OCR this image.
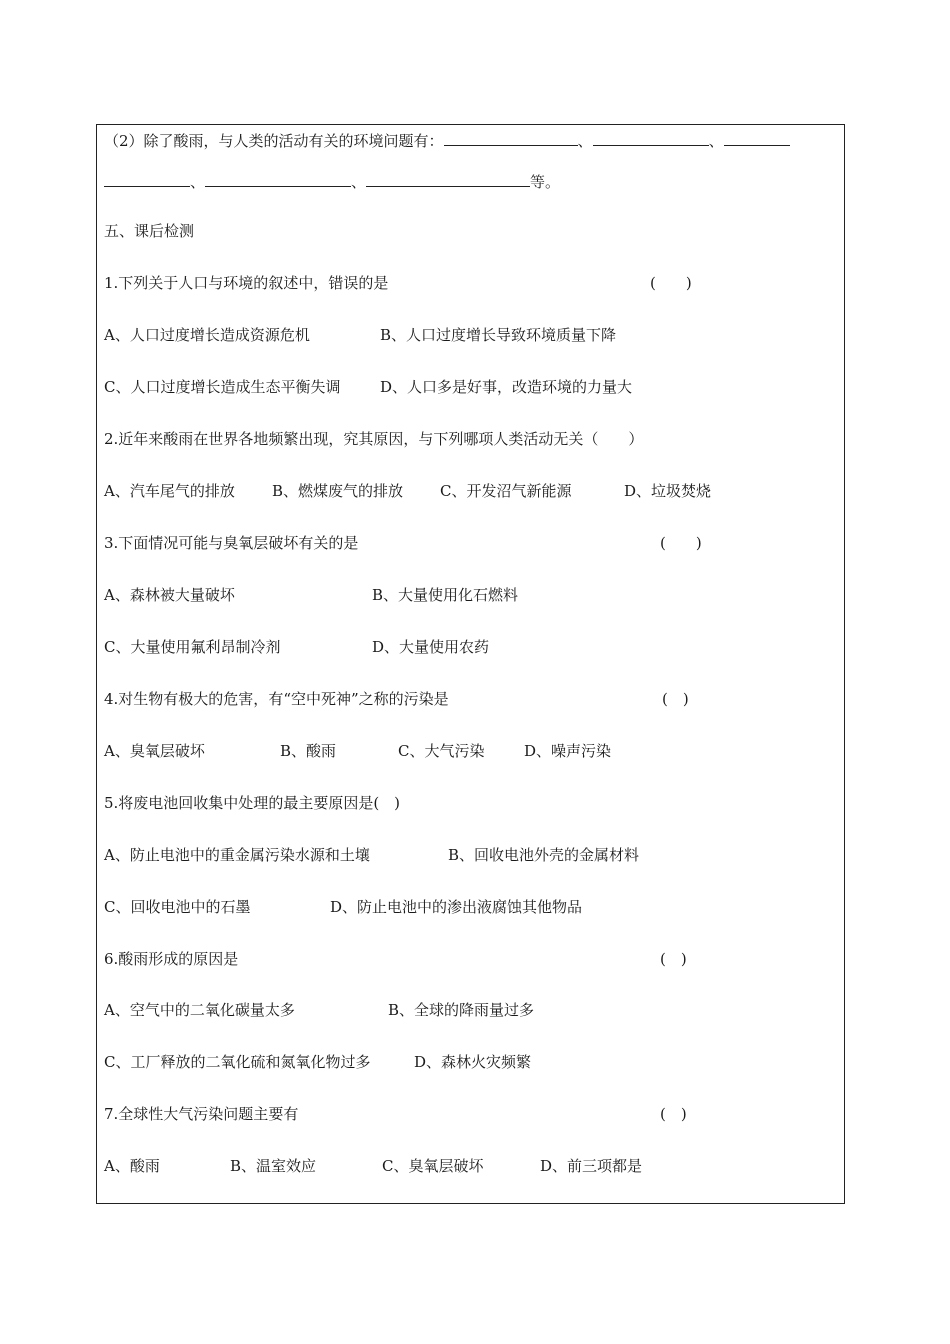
（2）除了酸雨，与人类的活动有关的环境问题有：	、	、
、	、	等。
五、课后检测
1.下列关于人口与环境的叙述中，错误的是	(　　)
A、人口过度增长造成资源危机	B、人口过度增长导致环境质量下降
C、人口过度增长造成生态平衡失调	D、人口多是好事，改造环境的力量大
2.近年来酸雨在世界各地频繁出现，究其原因，与下列哪项人类活动无关（　　）
A、汽车尾气的排放 B、燃煤废气的排放 C、开发沼气新能源	D、垃圾焚烧
3.下面情况可能与臭氧层破坏有关的是	(　　)
A、森林被大量破坏	B、大量使用化石燃料
C、大量使用氟利昂制冷剂	D、大量使用农药
4.对生物有极大的危害，有“空中死神”之称的污染是	(　)
A、臭氧层破坏	B、酸雨	C、大气污染	D、噪声污染
5.将废电池回收集中处理的最主要原因是(　)
A、防止电池中的重金属污染水源和土壤	B、回收电池外壳的金属材料
C、回收电池中的石墨	D、防止电池中的渗出液腐蚀其他物品
6.酸雨形成的原因是	(　)
A、空气中的二氧化碳量太多	B、全球的降雨量过多
C、工厂释放的二氧化硫和氮氧化物过多	D、森林火灾频繁
7.全球性大气污染问题主要有	(　)
A、酸雨	B、温室效应	C、臭氧层破坏	D、前三项都是
